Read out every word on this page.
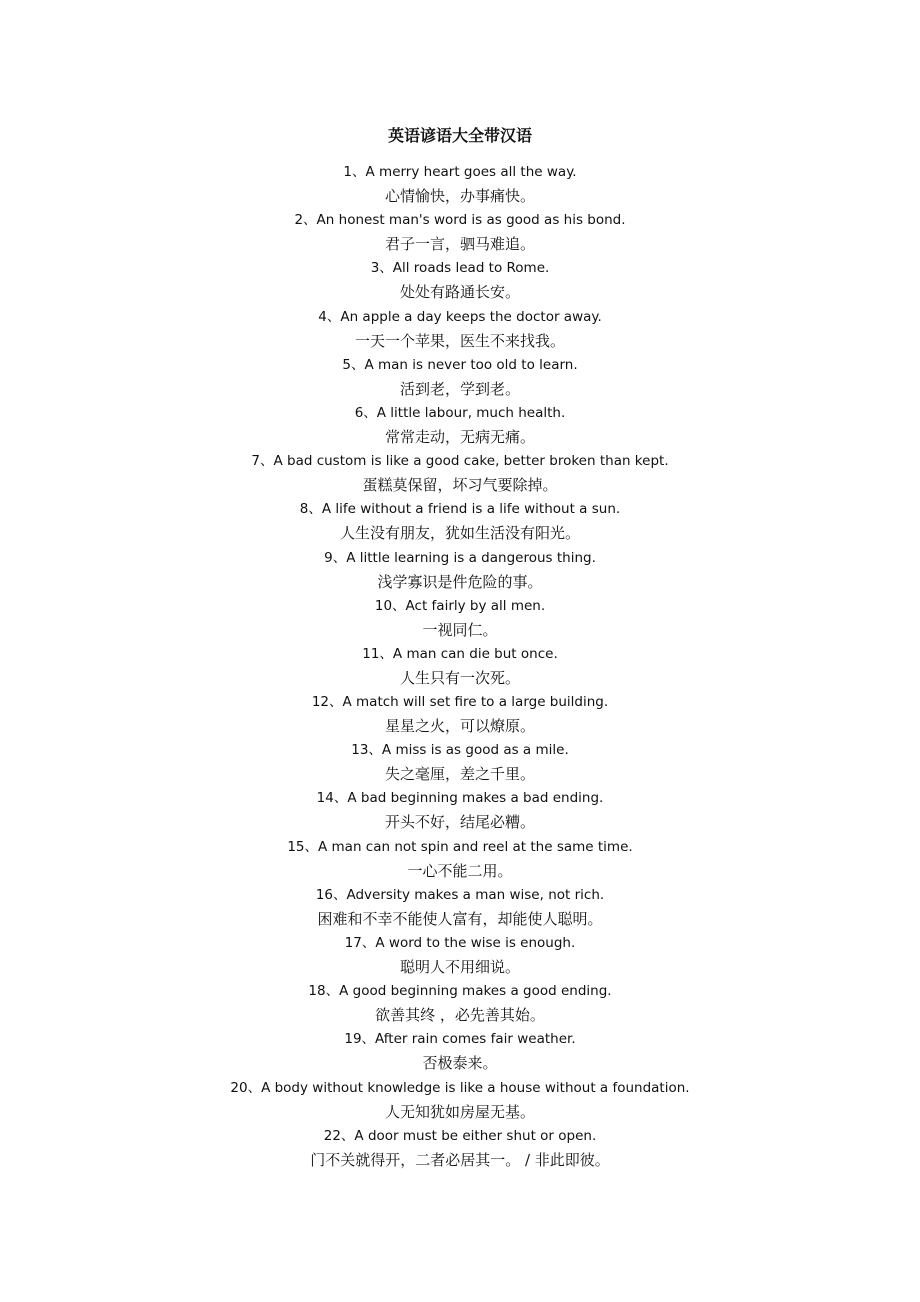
英语谚语大全带汉语
1、A merry heart goes all the way.
心情愉快，办事痛快。
2、An honest man's word is as good as his bond.
君子一言，驷马难追。
3、All roads lead to Rome.
处处有路通长安。
4、An apple a day keeps the doctor away.
一天一个苹果，医生不来找我。
5、A man is never too old to learn.
活到老，学到老。
6、A little labour, much health.
常常走动，无病无痛。
7、A bad custom is like a good cake, better broken than kept.
蛋糕莫保留，坏习气要除掉。
8、A life without a friend is a life without a sun.
人生没有朋友，犹如生活没有阳光。
9、A little learning is a dangerous thing.
浅学寡识是件危险的事。
10、Act fairly by all men.
一视同仁。
11、A man can die but once.
人生只有一次死。
12、A match will set fire to a large building.
星星之火，可以燎原。
13、A miss is as good as a mile.
失之毫厘，差之千里。
14、A bad beginning makes a bad ending.
开头不好，结尾必糟。
15、A man can not spin and reel at the same time.
一心不能二用。
16、Adversity makes a man wise, not rich.
困难和不幸不能使人富有，却能使人聪明。
17、A word to the wise is enough.
聪明人不用细说。
18、A good beginning makes a good ending.
欲善其终 ，必先善其始。
19、After rain comes fair weather.
否极泰来。
20、A body without knowledge is like a house without a foundation.
人无知犹如房屋无基。
22、A door must be either shut or open.
门不关就得开，二者必居其一。 / 非此即彼。
